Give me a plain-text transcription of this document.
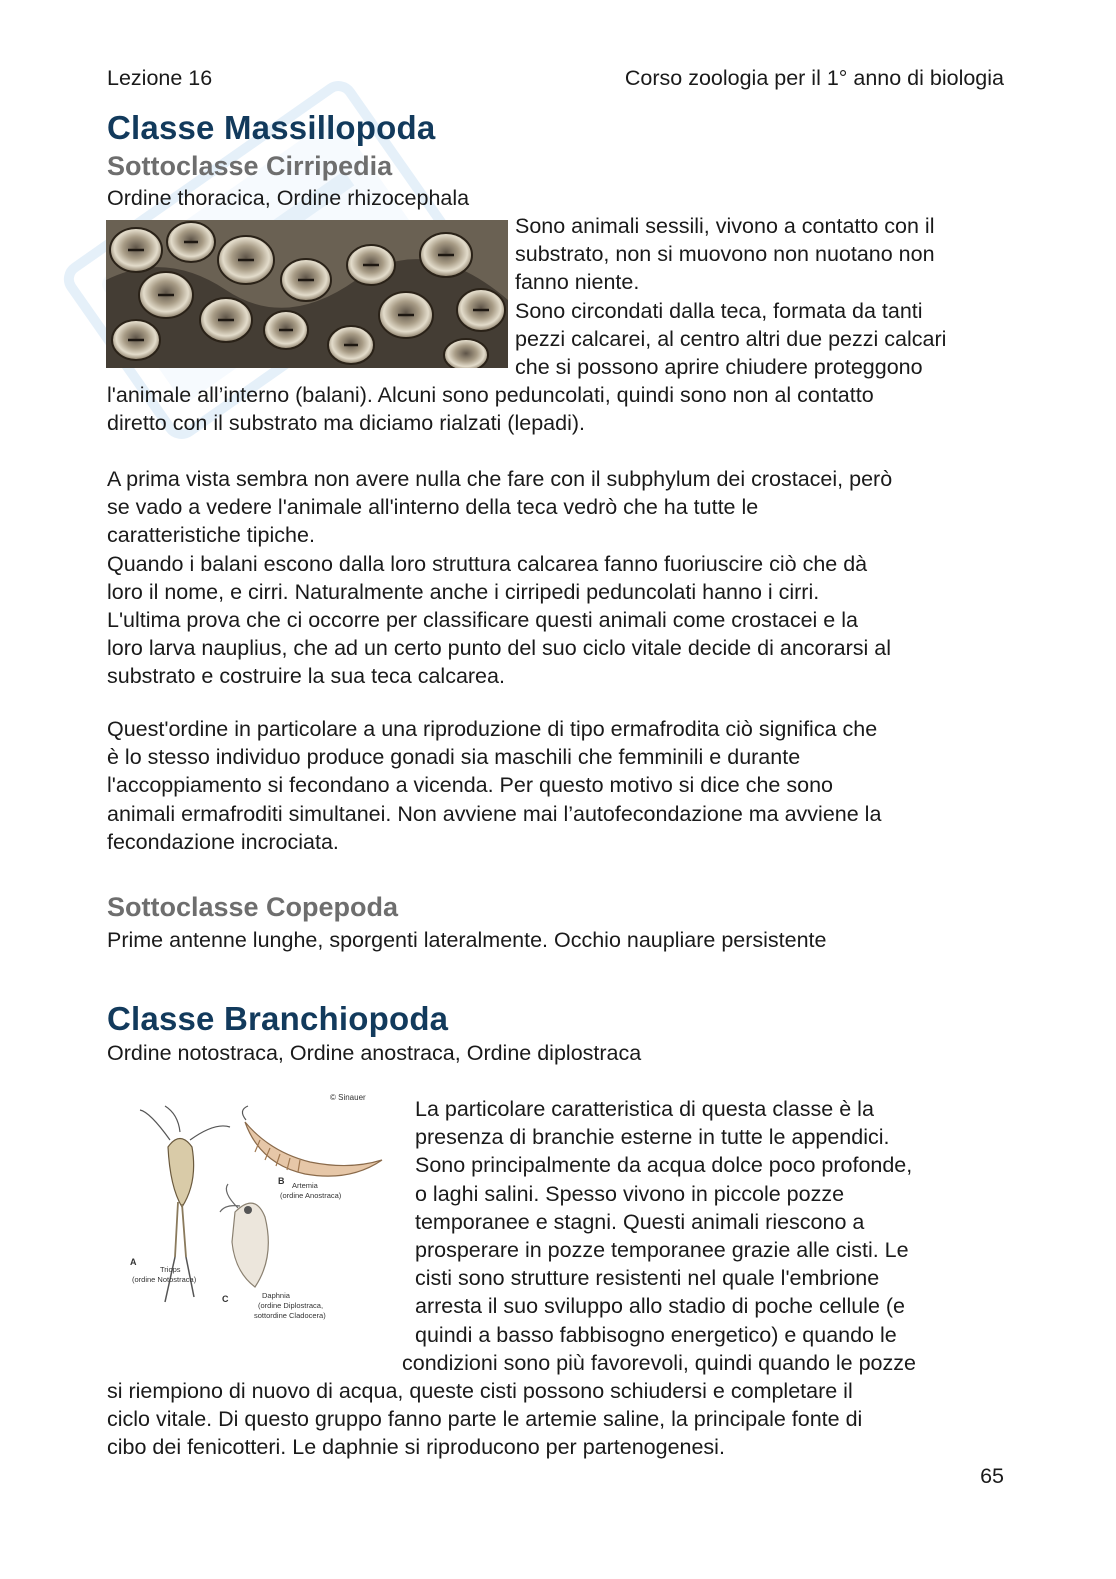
Lezione 16	Corso zoologia per il 1° anno di biologia
Classe Massillopoda
Sottoclasse Cirripedia

Ordine thoracica, Ordine rhizocephala

Sono animali sessili, vivono a contatto con il
substrato, non si muovono non nuotano non
fanno niente.
Sono circondati dalla teca, formata da tanti
pezzi calcarei, al centro altri due pezzi calcari
che si possono aprire chiudere proteggono
l'animale all’interno (balani). Alcuni sono peduncolati, quindi sono non al contatto
diretto con il substrato ma diciamo rialzati (lepadi).
A prima vista sembra non avere nulla che fare con il subphylum dei crostacei, però
se vado a vedere l'animale all'interno della teca vedrò che ha tutte le
caratteristiche tipiche.
Quando i balani escono dalla loro struttura calcarea fanno fuoriuscire ciò che dà
loro il nome, e cirri. Naturalmente anche i cirripedi peduncolati hanno i cirri.
L'ultima prova che ci occorre per classificare questi animali come crostacei e la
loro larva nauplius, che ad un certo punto del suo ciclo vitale decide di ancorarsi al
substrato e costruire la sua teca calcarea.
Quest'ordine in particolare a una riproduzione di tipo ermafrodita ciò significa che
è lo stesso individuo produce gonadi sia maschili che femminili e durante
l'accoppiamento si fecondano a vicenda. Per questo motivo si dice che sono
animali ermafroditi simultanei. Non avviene mai l’autofecondazione ma avviene la
fecondazione incrociata.
Sottoclasse Copepoda

Prime antenne lunghe, sporgenti lateralmente. Occhio naupliare persistente

Classe Branchiopoda

Ordine notostraca, Ordine anostraca, Ordine diplostraca

© Sinauer
B Artemia
(ordine Anostraca)
A
Triops
(ordine Notostraca)
C	Daphnia
(ordine Diplostraca,
sottordine Cladocera)
La particolare caratteristica di questa classe è la
presenza di branchie esterne in tutte le appendici.
Sono principalmente da acqua dolce poco profonde,
o laghi salini. Spesso vivono in piccole pozze
temporanee e stagni. Questi animali riescono a
prosperare in pozze temporanee grazie alle cisti. Le
cisti sono strutture resistenti nel quale l'embrione
arresta il suo sviluppo allo stadio di poche cellule (e
quindi a basso fabbisogno energetico) e quando le
condizioni sono più favorevoli, quindi quando le pozze
si riempiono di nuovo di acqua, queste cisti possono schiudersi e completare il
ciclo vitale. Di questo gruppo fanno parte le artemie saline, la principale fonte di
cibo dei fenicotteri. Le daphnie si riproducono per partenogenesi.
65
